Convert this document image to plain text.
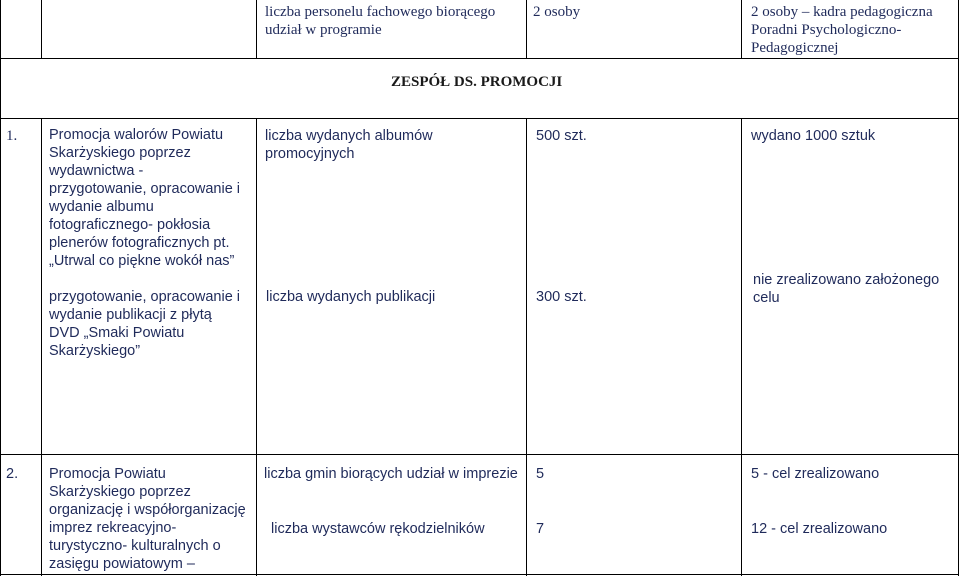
liczba personelu fachowego biorącego
udział w programie
2 osoby	2 osoby – kadra pedagogiczna
Poradni Psychologiczno-
Pedagogicznej
ZESPÓŁ DS. PROMOCJI
1. Promocja walorów Powiatu
Skarżyskiego poprzez
wydawnictwa -
przygotowanie, opracowanie i
wydanie albumu
fotograficznego- pokłosia
plenerów fotograficznych pt.
„Utrwal co piękne wokół nas”
przygotowanie, opracowanie i
wydanie publikacji z płytą
DVD „Smaki Powiatu
Skarżyskiego”
liczba wydanych albumów
promocyjnych
liczba wydanych publikacji
500 szt.
300 szt.
wydano 1000 sztuk
nie zrealizowano założonego
celu
2. Promocja Powiatu
Skarżyskiego poprzez
organizację i współorganizację
imprez rekreacyjno-
turystyczno- kulturalnych o
zasięgu powiatowym –
liczba gmin biorących udział w imprezie
liczba wystawców rękodzielników
5
7
5 - cel zrealizowano
12 - cel zrealizowano
